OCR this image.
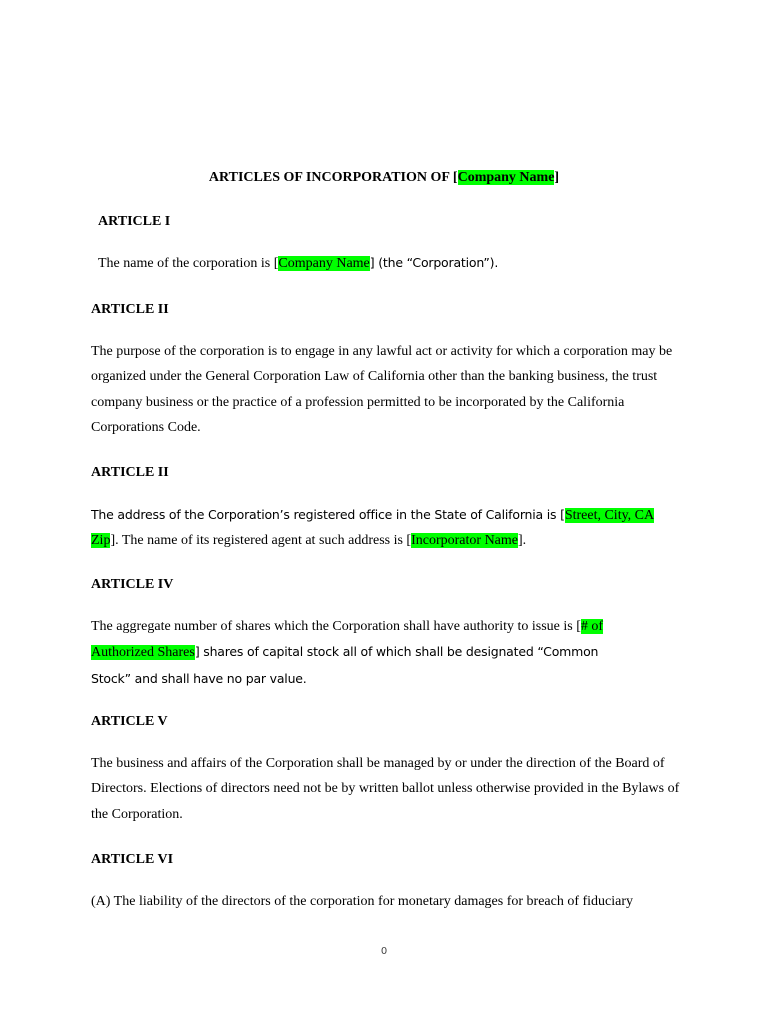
ARTICLES OF INCORPORATION OF [Company Name]
ARTICLE I
The name of the corporation is [Company Name] (the “Corporation”).
ARTICLE II
The purpose of the corporation is to engage in any lawful act or activity for which a corporation may be organized under the General Corporation Law of California other than the banking business, the trust company business or the practice of a profession permitted to be incorporated by the California Corporations Code.
ARTICLE II
The address of the Corporation’s registered office in the State of California is [Street, City, CA Zip]. The name of its registered agent at such address is [Incorporator Name].
ARTICLE IV
The aggregate number of shares which the Corporation shall have authority to issue is [# of Authorized Shares] shares of capital stock all of which shall be designated “Common Stock” and shall have no par value.
ARTICLE V
The business and affairs of the Corporation shall be managed by or under the direction of the Board of Directors. Elections of directors need not be by written ballot unless otherwise provided in the Bylaws of the Corporation.
ARTICLE VI
(A) The liability of the directors of the corporation for monetary damages for breach of fiduciary
0
